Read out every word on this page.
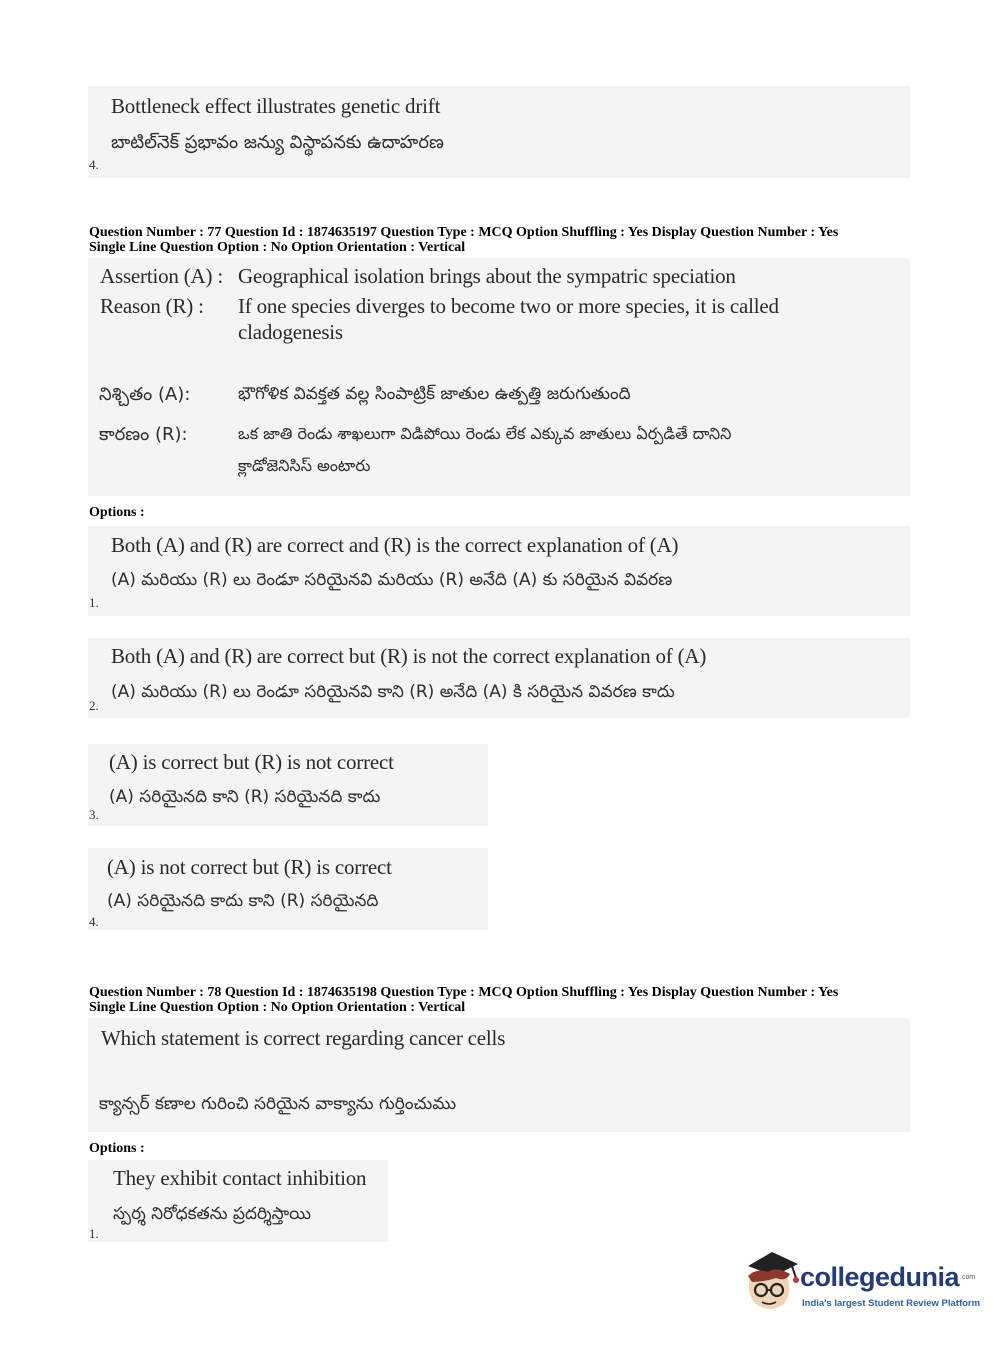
Bottleneck effect illustrates genetic drift
బాటిల్‌నెక్ ప్రభావం జన్యు విస్థాపనకు ఉదాహరణ
4.
Question Number : 77 Question Id : 1874635197 Question Type : MCQ Option Shuffling : Yes Display Question Number : Yes
Single Line Question Option : No Option Orientation : Vertical
Assertion (A) : Geographical isolation brings about the sympatric speciation
Reason (R) : If one species diverges to become two or more species, it is called
cladogenesis
నిశ్చితం (A):	భౌగోళిక వివక్తత వల్ల సింపాట్రిక్ జాతుల ఉత్పత్తి జరుగుతుంది
కారణం (R):	ఒక జాతి రెండు శాఖలుగా విడిపోయి రెండు లేక ఎక్కువ జాతులు ఏర్పడితే దానిని
క్లాడోజెనిసిస్ అంటారు
Options :
Both (A) and (R) are correct and (R) is the correct explanation of (A)
(A) మరియు (R) లు రెండూ సరియైనవి మరియు (R) అనేది (A) కు సరియైన వివరణ
1.
Both (A) and (R) are correct but (R) is not the correct explanation of (A)
(A) మరియు (R) లు రెండూ సరియైనవి కాని (R) అనేది (A) కి సరియైన వివరణ కాదు
2.
(A) is correct but (R) is not correct
(A) సరియైనది కాని (R) సరియైనది కాదు
3.
(A) is not correct but (R) is correct
(A) సరియైనది కాదు కాని (R) సరియైనది
4.
Question Number : 78 Question Id : 1874635198 Question Type : MCQ Option Shuffling : Yes Display Question Number : Yes
Single Line Question Option : No Option Orientation : Vertical
Which statement is correct regarding cancer cells
క్యాన్సర్ కణాల గురించి సరియైన వాక్యాను గుర్తించుము
Options :
They exhibit contact inhibition
స్పర్శ నిరోధకతను ప్రదర్శిస్తాయి
1.
collegedunia .com
India's largest Student Review Platform
